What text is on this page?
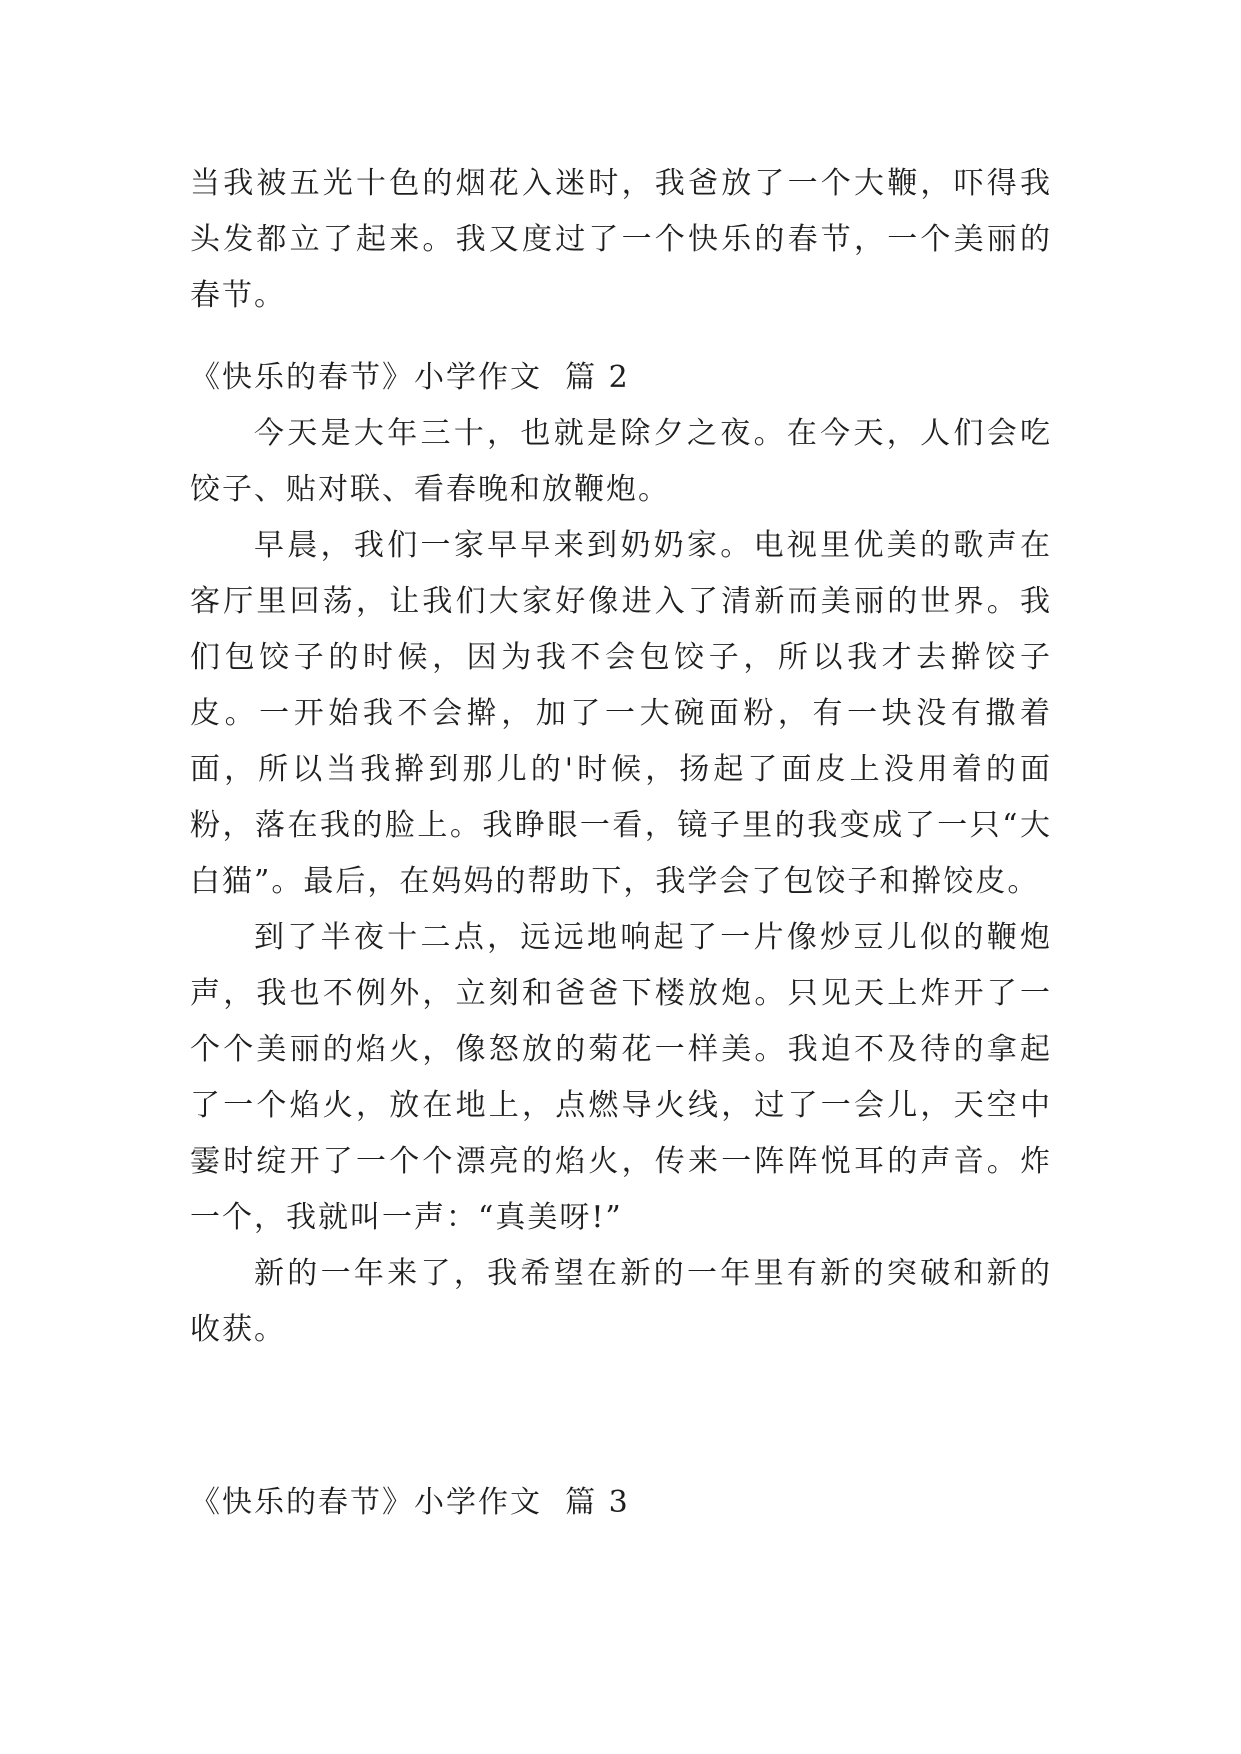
当我被五光十色的烟花入迷时，我爸放了一个大鞭，吓得我头发都立了起来。我又度过了一个快乐的春节，一个美丽的春节。

《快乐的春节》小学作文  篇 2

今天是大年三十，也就是除夕之夜。在今天，人们会吃饺子、贴对联、看春晚和放鞭炮。

早晨，我们一家早早来到奶奶家。电视里优美的歌声在客厅里回荡，让我们大家好像进入了清新而美丽的世界。我们包饺子的时候，因为我不会包饺子，所以我才去擀饺子皮。一开始我不会擀，加了一大碗面粉，有一块没有撒着面，所以当我擀到那儿的'时候，扬起了面皮上没用着的面粉，落在我的脸上。我睁眼一看，镜子里的我变成了一只“大白猫”。最后，在妈妈的帮助下，我学会了包饺子和擀饺皮。

到了半夜十二点，远远地响起了一片像炒豆儿似的鞭炮声，我也不例外，立刻和爸爸下楼放炮。只见天上炸开了一个个美丽的焰火，像怒放的菊花一样美。我迫不及待的拿起了一个焰火，放在地上，点燃导火线，过了一会儿，天空中霎时绽开了一个个漂亮的焰火，传来一阵阵悦耳的声音。炸一个，我就叫一声：“真美呀!”

新的一年来了，我希望在新的一年里有新的突破和新的收获。

《快乐的春节》小学作文  篇 3
